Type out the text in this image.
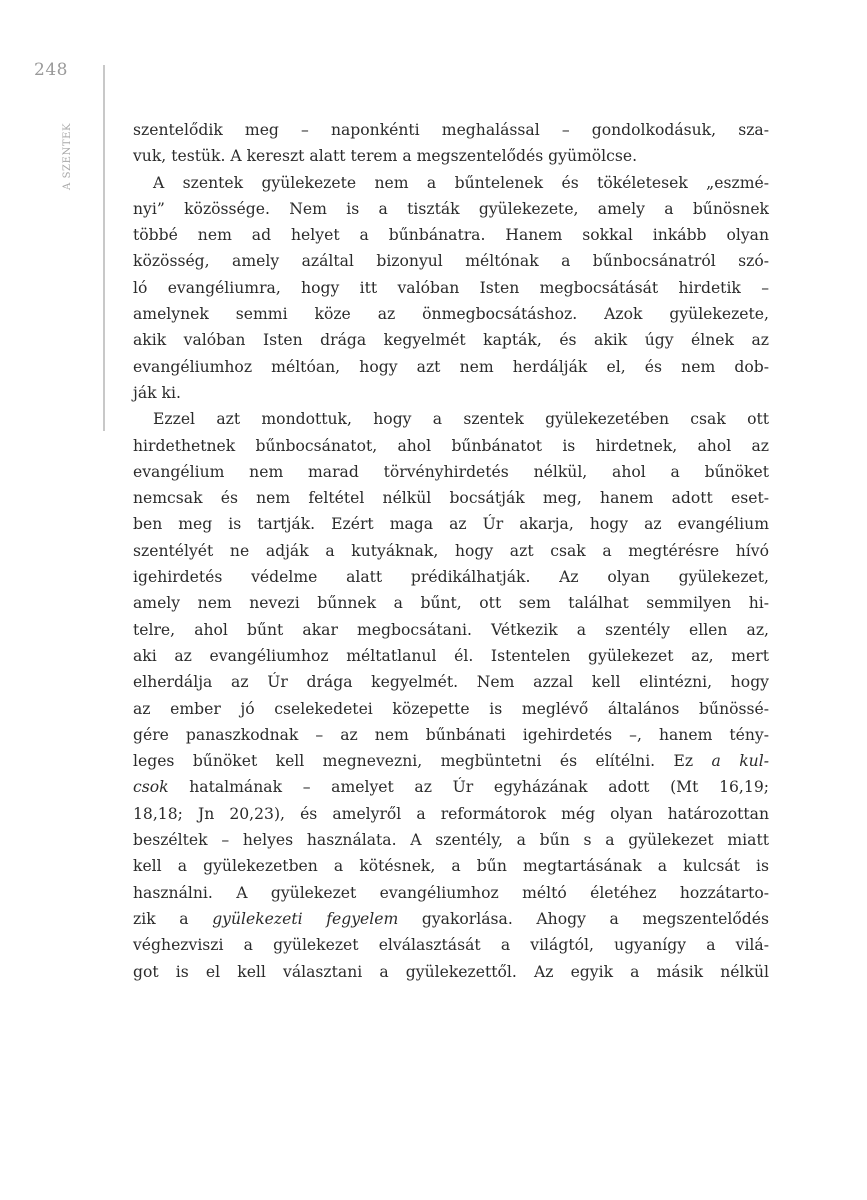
248
A SZENTEK	szentelődik meg – naponkénti meghalással – gondolkodásuk, sza-
vuk, testük. A kereszt alatt terem a megszentelődés gyümölcse.
A szentek gyülekezete nem a bűntelenek és tökéletesek „eszmé-
nyi” közössége. Nem is a tiszták gyülekezete, amely a bűnösnek
többé nem ad helyet a bűnbánatra. Hanem sokkal inkább olyan
közösség, amely azáltal bizonyul méltónak a bűnbocsánatról szó-
ló evangéliumra, hogy itt valóban Isten megbocsátását hirdetik –
amelynek semmi köze az önmegbocsátáshoz. Azok gyülekezete,
akik valóban Isten drága kegyelmét kapták, és akik úgy élnek az
evangéliumhoz méltóan, hogy azt nem herdálják el, és nem dob-
ják ki.
Ezzel azt mondottuk, hogy a szentek gyülekezetében csak ott
hirdethetnek bűnbocsánatot, ahol bűnbánatot is hirdetnek, ahol az
evangélium nem marad törvényhirdetés nélkül, ahol a bűnöket
nemcsak és nem feltétel nélkül bocsátják meg, hanem adott eset-
ben meg is tartják. Ezért maga az Úr akarja, hogy az evangélium
szentélyét ne adják a kutyáknak, hogy azt csak a megtérésre hívó
igehirdetés védelme alatt prédikálhatják. Az olyan gyülekezet,
amely nem nevezi bűnnek a bűnt, ott sem találhat semmilyen hi-
telre, ahol bűnt akar megbocsátani. Vétkezik a szentély ellen az,
aki az evangéliumhoz méltatlanul él. Istentelen gyülekezet az, mert
elherdálja az Úr drága kegyelmét. Nem azzal kell elintézni, hogy
az ember jó cselekedetei közepette is meglévő általános bűnössé-
gére panaszkodnak – az nem bűnbánati igehirdetés –, hanem tény-
leges bűnöket kell megnevezni, megbüntetni és elítélni. Ez a kul-
csok hatalmának – amelyet az Úr egyházának adott (Mt 16,19;
18,18; Jn 20,23), és amelyről a reformátorok még olyan határozottan
beszéltek – helyes használata. A szentély, a bűn s a gyülekezet miatt
kell a gyülekezetben a kötésnek, a bűn megtartásának a kulcsát is
használni. A gyülekezet evangéliumhoz méltó életéhez hozzátarto-
zik a gyülekezeti fegyelem gyakorlása. Ahogy a megszentelődés
véghezviszi a gyülekezet elválasztását a világtól, ugyanígy a vilá-
got is el kell választani a gyülekezettől. Az egyik a másik nélkül
